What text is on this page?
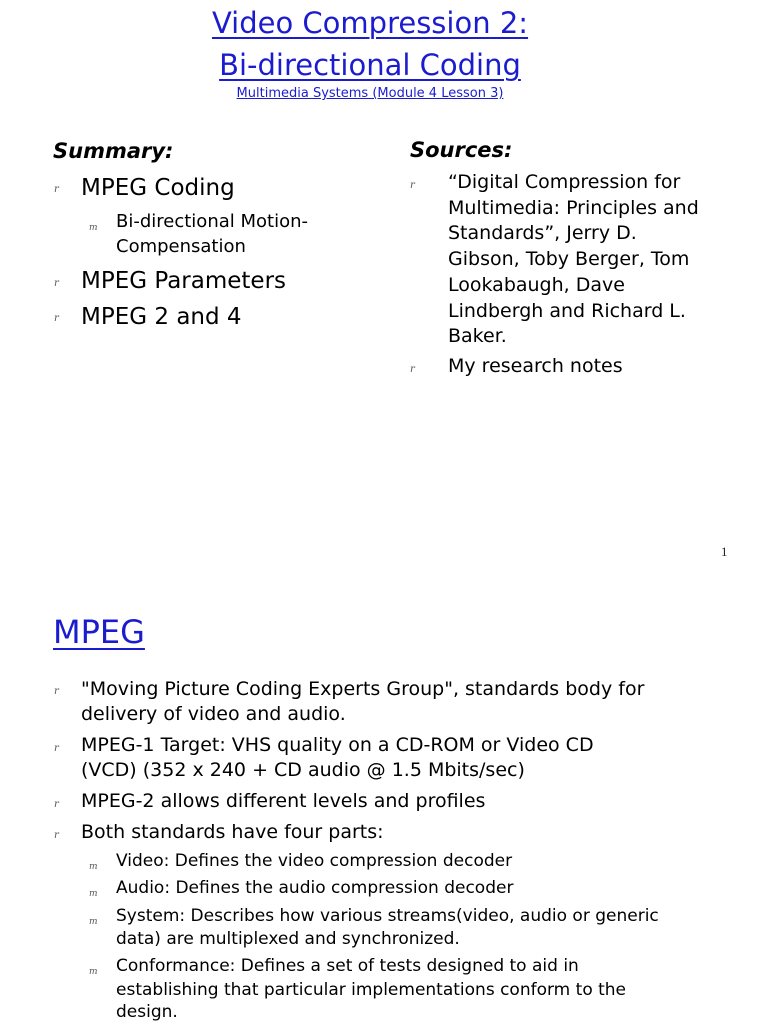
Video Compression 2:
Bi-directional Coding
Multimedia Systems (Module 4 Lesson 3)
Summary:
r MPEG Coding
m Bi-directional Motion-
Compensation
r MPEG Parameters
r MPEG 2 and 4
Sources:
r “Digital Compression for
Multimedia: Principles and
Standards”, Jerry D.
Gibson, Toby Berger, Tom
Lookabaugh, Dave
Lindbergh and Richard L.
Baker.
r My research notes
1
MPEG
r "Moving Picture Coding Experts Group", standards body for
delivery of video and audio.
r MPEG-1 Target: VHS quality on a CD-ROM or Video CD
(VCD) (352 x 240 + CD audio @ 1.5 Mbits/sec)
r MPEG-2 allows different levels and profiles
r Both standards have four parts:
m Video: Defines the video compression decoder
m Audio: Defines the audio compression decoder
m System: Describes how various streams(video, audio or generic
data) are multiplexed and synchronized.
m Conformance: Defines a set of tests designed to aid in
establishing that particular implementations conform to the
design.
